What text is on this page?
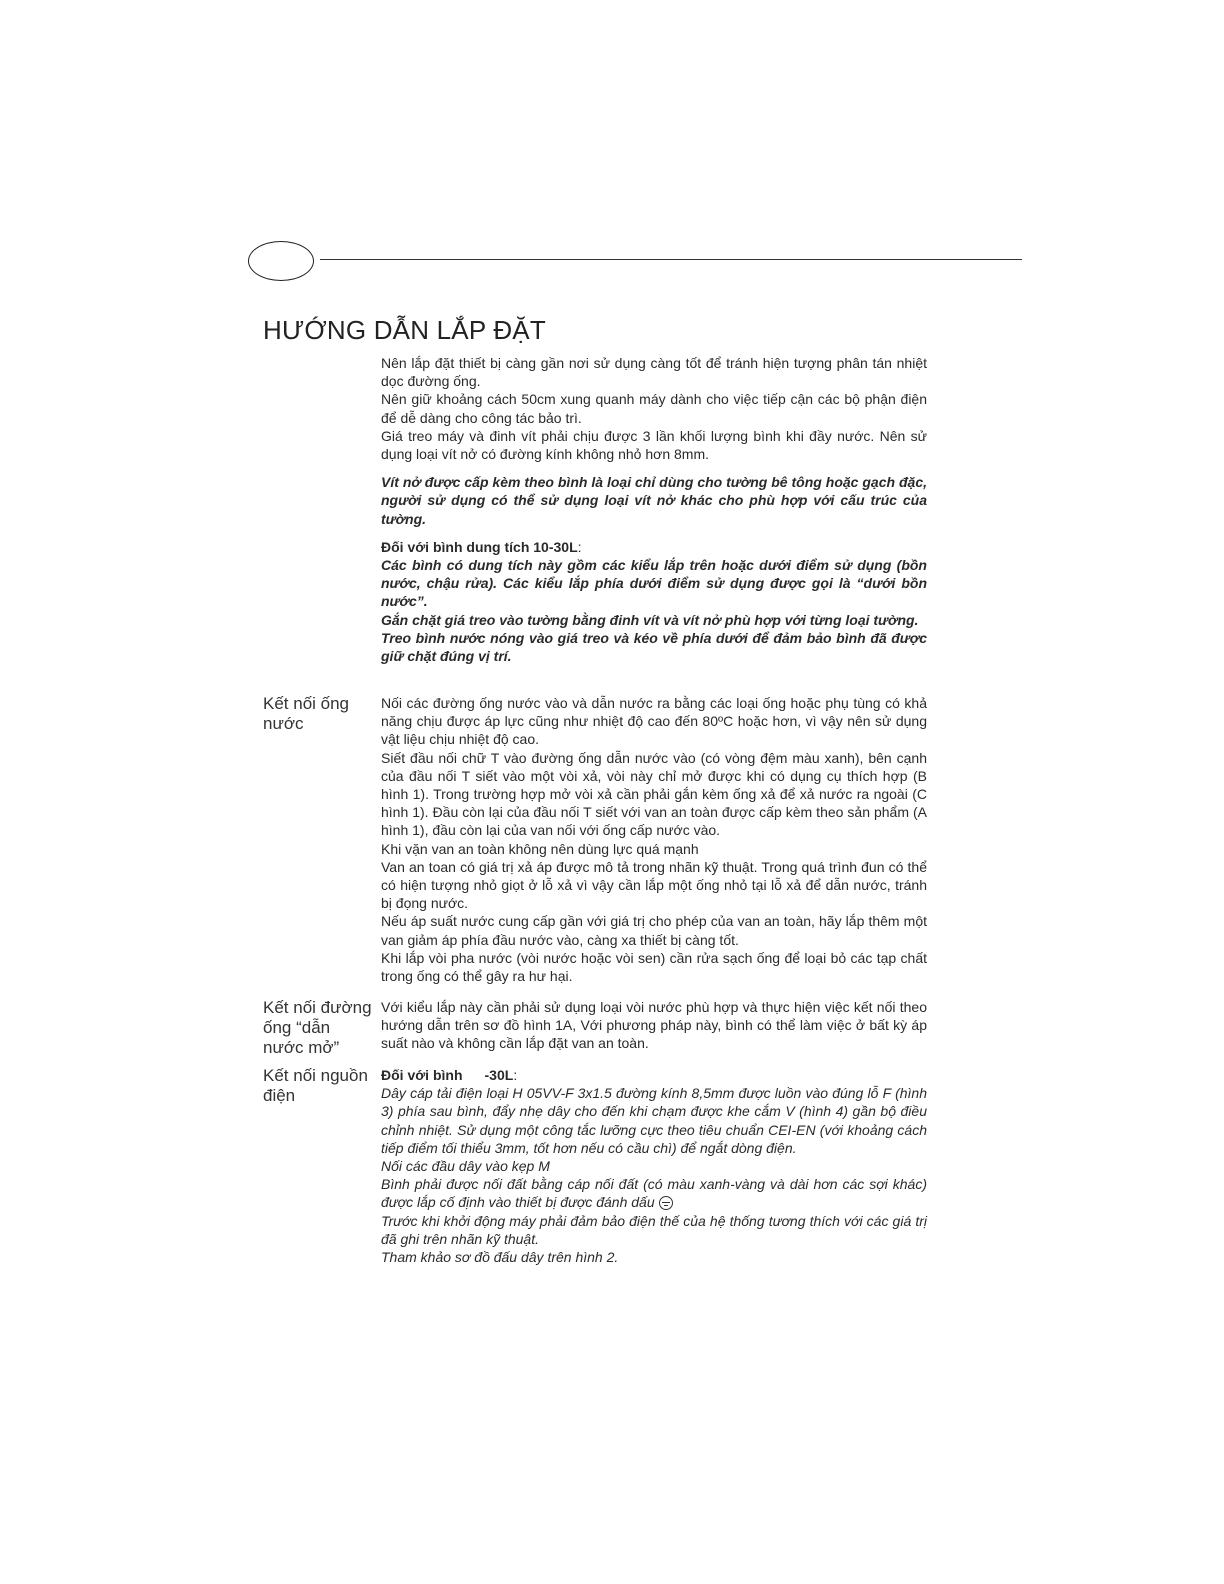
HƯỚNG DẪN LẮP ĐẶT

Nên lắp đặt thiết bị càng gần nơi sử dụng càng tốt để tránh hiện tượng phân tán nhiệt dọc đường ống.

Nên giữ khoảng cách 50cm xung quanh máy dành cho việc tiếp cận các bộ phận điện để dễ dàng cho công tác bảo trì.

Giá treo máy và đinh vít phải chịu được 3 lần khối lượng bình khi đầy nước. Nên sử dụng loại vít nở có đường kính không nhỏ hơn 8mm.

Vít nở được cấp kèm theo bình là loại chỉ dùng cho tường bê tông hoặc gạch đặc, người sử dụng có thể sử dụng loại vít nở khác cho phù hợp với cấu trúc của tường.

Đối với bình dung tích 10-30L:

Các bình có dung tích này gồm các kiểu lắp trên hoặc dưới điểm sử dụng (bồn nước, chậu rửa). Các kiểu lắp phía dưới điểm sử dụng được gọi là “dưới bồn nước”.

Gắn chặt giá treo vào tường bằng đinh vít và vít nở phù hợp với từng loại tường.

Treo bình nước nóng vào giá treo và kéo về phía dưới để đảm bảo bình đã được giữ chặt đúng vị trí.

Kết nối ống nước

Nối các đường ống nước vào và dẫn nước ra bằng các loại ống hoặc phụ tùng có khả năng chịu được áp lực cũng như nhiệt độ cao đến 80ºC hoặc hơn, vì vậy nên sử dụng vật liệu chịu nhiệt độ cao.

Siết đầu nối chữ T vào đường ống dẫn nước vào (có vòng đệm màu xanh), bên cạnh của đầu nối T siết vào một vòi xả, vòi này chỉ mở được khi có dụng cụ thích hợp (B hình 1). Trong trường hợp mở vòi xả cần phải gắn kèm ống xả để xả nước ra ngoài (C hình 1). Đầu còn lại của đầu nối T siết với van an toàn được cấp kèm theo sản phẩm (A hình 1), đầu còn lại của van nối với ống cấp nước vào.

Khi vặn van an toàn không nên dùng lực quá mạnh

Van an toan có giá trị xả áp được mô tả trong nhãn kỹ thuật. Trong quá trình đun có thể có hiện tượng nhỏ giọt ở lỗ xả vì vậy cần lắp một ống nhỏ tại lỗ xả để dẫn nước, tránh bị đọng nước.

Nếu áp suất nước cung cấp gần với giá trị cho phép của van an toàn, hãy lắp thêm một van giảm áp phía đầu nước vào, càng xa thiết bị càng tốt.

Khi lắp vòi pha nước (vòi nước hoặc vòi sen) cần rửa sạch ống để loại bỏ các tạp chất trong ống có thể gây ra hư hại.

Kết nối đường ống “dẫn nước mở”

Với kiểu lắp này cần phải sử dụng loại vòi nước phù hợp và thực hiện việc kết nối theo hướng dẫn trên sơ đồ hình 1A, Với phương pháp này, bình có thể làm việc ở bất kỳ áp suất nào và không cần lắp đặt van an toàn.

Kết nối nguồn điện

Đối với bình -30L:

Dây cáp tải điện loại H 05VV-F 3x1.5 đường kính 8,5mm được luồn vào đúng lỗ F (hình 3) phía sau bình, đẩy nhẹ dây cho đến khi chạm được khe cắm V (hình 4) gần bộ điều chỉnh nhiệt. Sử dụng một công tắc lưỡng cực theo tiêu chuẩn CEI-EN (với khoảng cách tiếp điểm tối thiểu 3mm, tốt hơn nếu có cầu chì) để ngắt dòng điện.

Nối các đầu dây vào kẹp M

Bình phải được nối đất bằng cáp nối đất (có màu xanh-vàng và dài hơn các sợi khác) được lắp cố định vào thiết bị được đánh dấu

Trước khi khởi động máy phải đảm bảo điện thế của hệ thống tương thích với các giá trị đã ghi trên nhãn kỹ thuật.

Tham khảo sơ đồ đấu dây trên hình 2.
